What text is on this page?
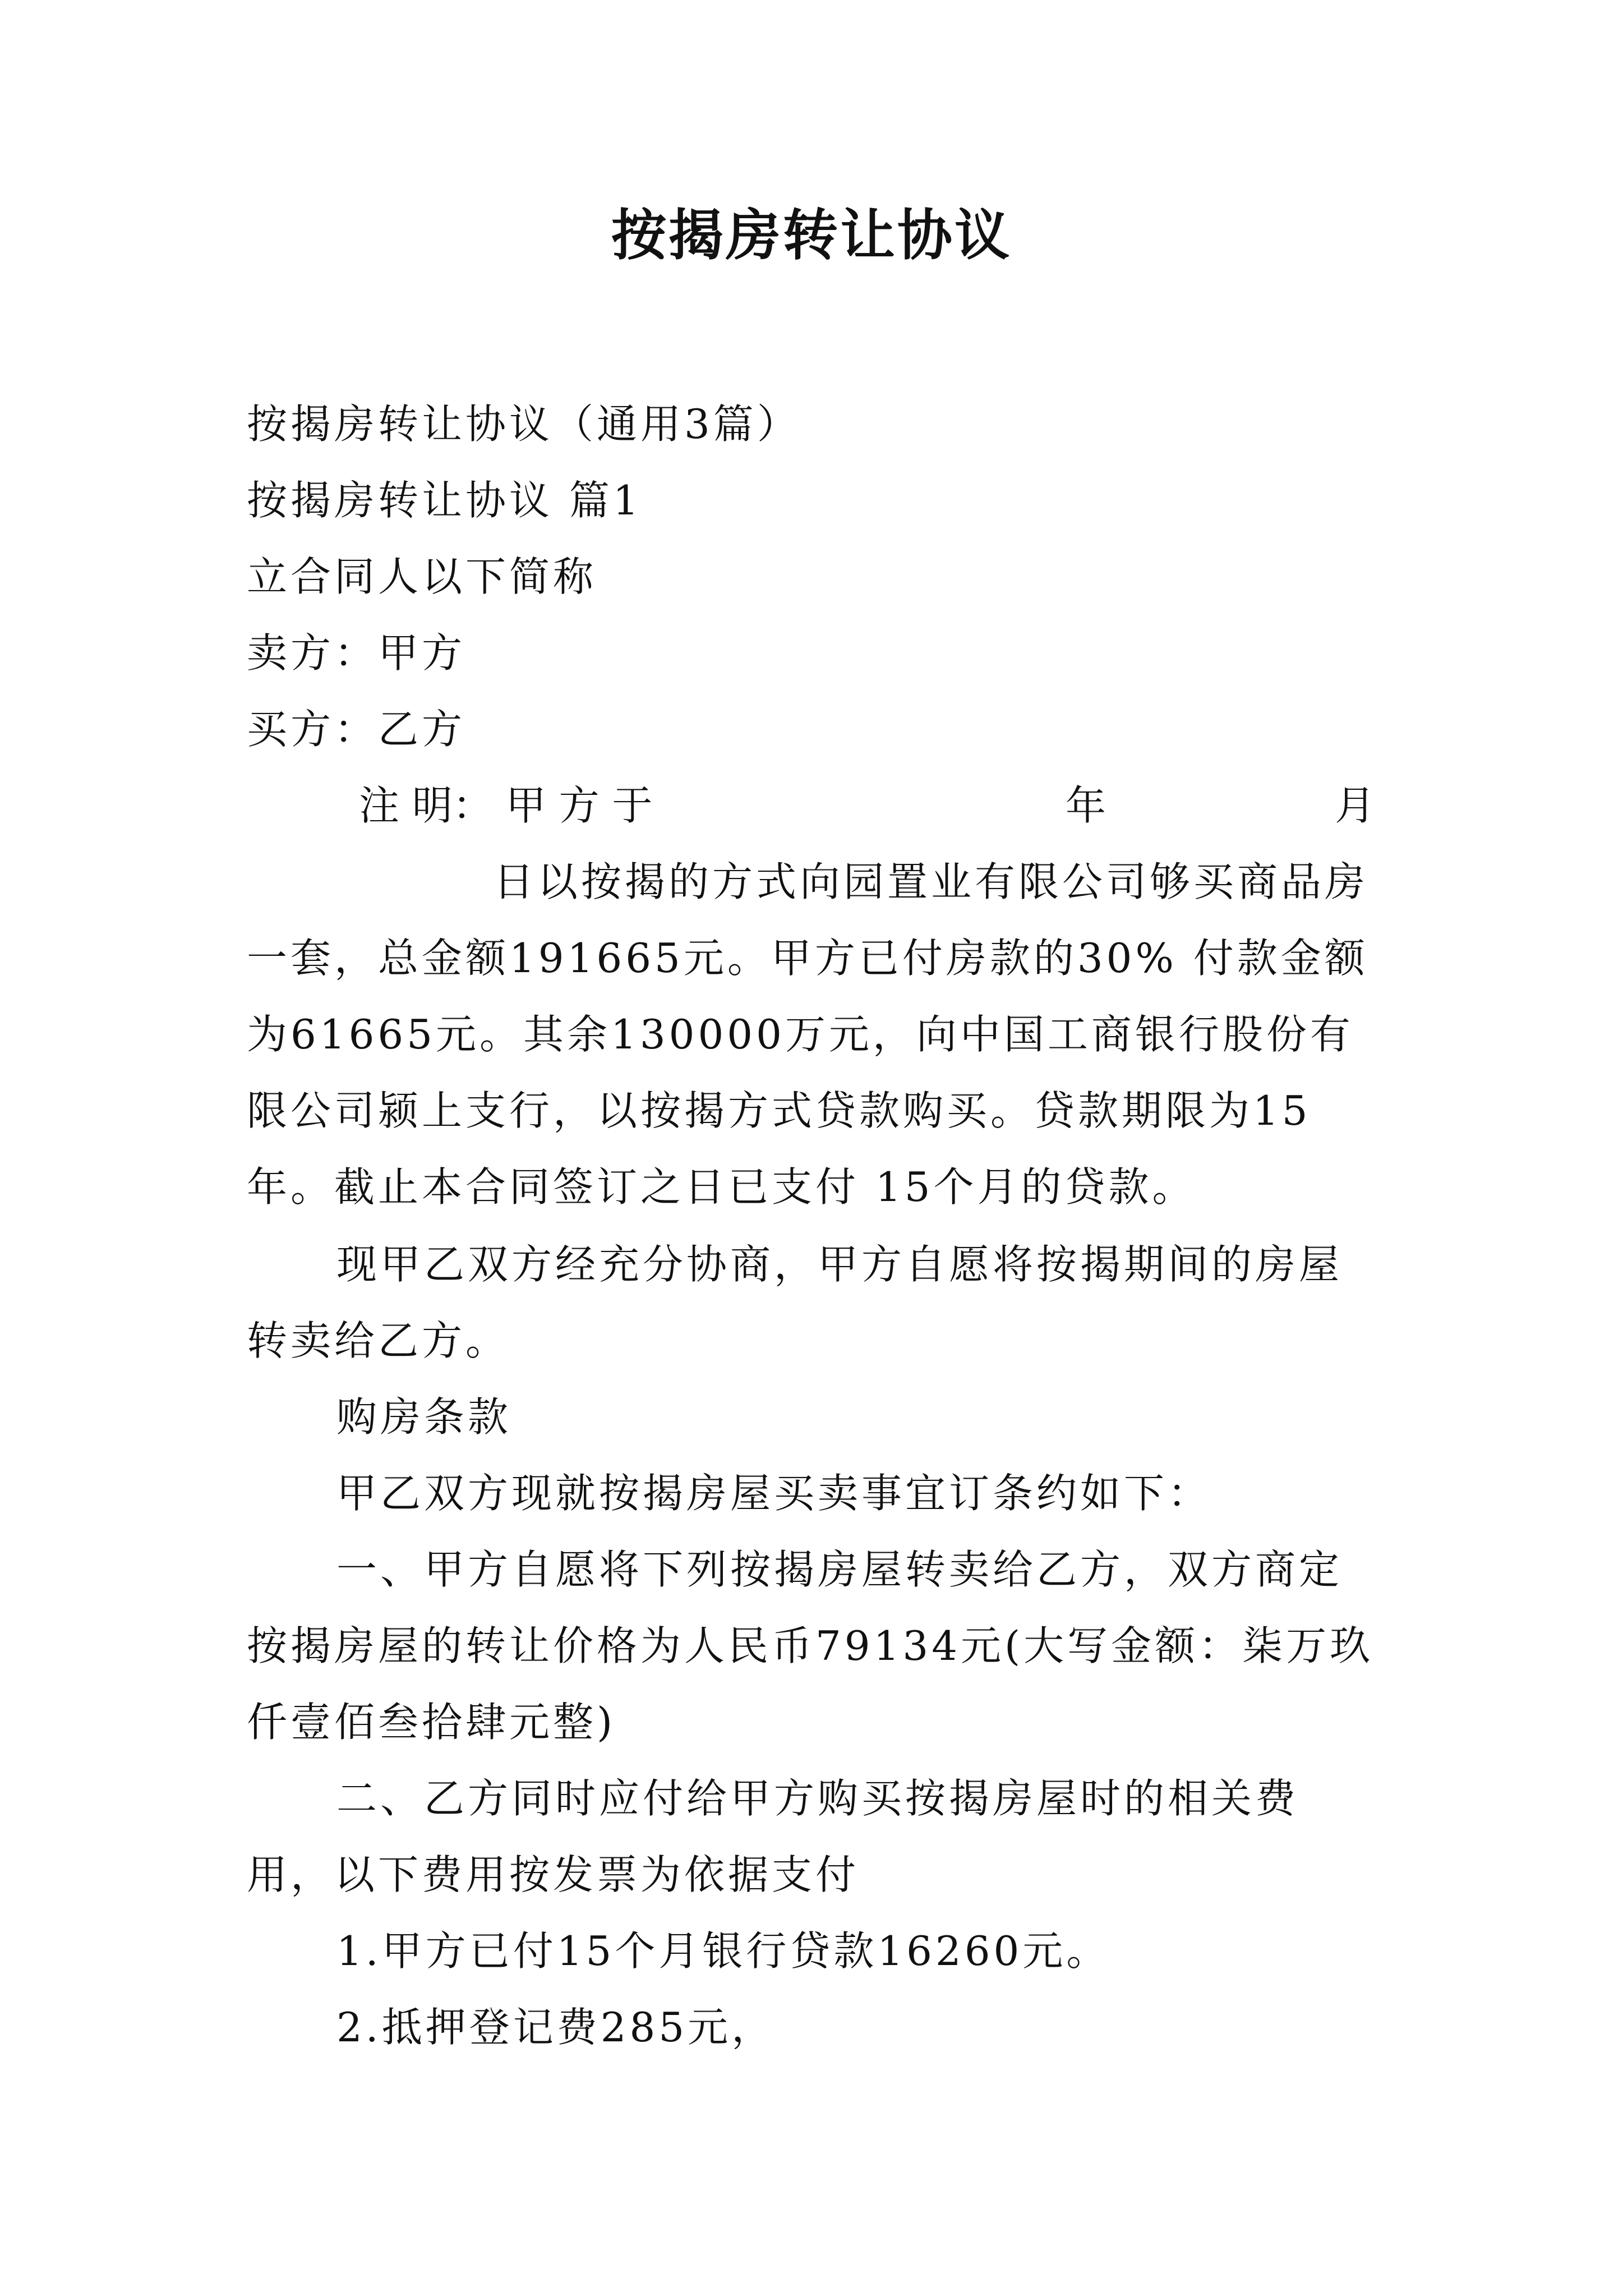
按揭房转让协议
按揭房转让协议（通用3篇）
按揭房转让协议 篇1
立合同人以下简称
卖方：甲方
买方：乙方
注 明： 甲 方 于	年	月
日以按揭的方式向园置业有限公司够买商品房一套，总金额191665元。甲方已付房款的30% 付款金额为61665元。其余130000万元，向中国工商银行股份有限公司颍上支行，以按揭方式贷款购买。贷款期限为15年。截止本合同签订之日已支付 15个月的贷款。
现甲乙双方经充分协商，甲方自愿将按揭期间的房屋转卖给乙方。
购房条款
甲乙双方现就按揭房屋买卖事宜订条约如下：
一、甲方自愿将下列按揭房屋转卖给乙方，双方商定按揭房屋的转让价格为人民币79134元(大写金额：柒万玖仟壹佰叁拾肆元整)
二、乙方同时应付给甲方购买按揭房屋时的相关费用，以下费用按发票为依据支付
1.甲方已付15个月银行贷款16260元。
2.抵押登记费285元，
